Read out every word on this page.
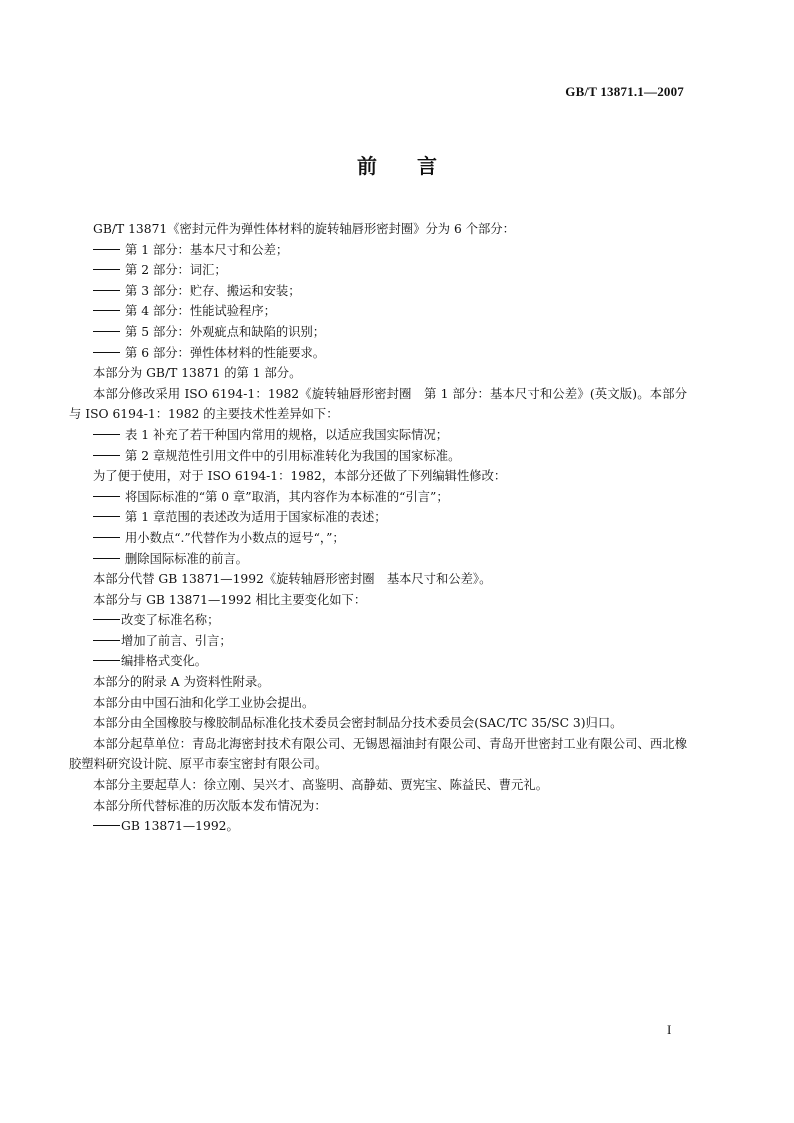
GB/T 13871.1—2007
前 言

GB/T 13871《密封元件为弹性体材料的旋转轴唇形密封圈》分为 6 个部分：

第 1 部分：基本尺寸和公差；

第 2 部分：词汇；

第 3 部分：贮存、搬运和安装；

第 4 部分：性能试验程序；

第 5 部分：外观疵点和缺陷的识别；

第 6 部分：弹性体材料的性能要求。

本部分为 GB/T 13871 的第 1 部分。

本部分修改采用 ISO 6194-1：1982《旋转轴唇形密封圈　第 1 部分：基本尺寸和公差》(英文版)。本部分与 ISO 6194-1：1982 的主要技术性差异如下：

表 1 补充了若干种国内常用的规格，以适应我国实际情况；

第 2 章规范性引用文件中的引用标准转化为我国的国家标准。

为了便于使用，对于 ISO 6194-1：1982，本部分还做了下列编辑性修改：

将国际标准的“第 0 章”取消，其内容作为本标准的“引言”；

第 1 章范围的表述改为适用于国家标准的表述；

用小数点“.”代替作为小数点的逗号“，”；

删除国际标准的前言。

本部分代替 GB 13871—1992《旋转轴唇形密封圈　基本尺寸和公差》。

本部分与 GB 13871—1992 相比主要变化如下：

改变了标准名称；

增加了前言、引言；

编排格式变化。

本部分的附录 A 为资料性附录。

本部分由中国石油和化学工业协会提出。

本部分由全国橡胶与橡胶制品标准化技术委员会密封制品分技术委员会(SAC/TC 35/SC 3)归口。

本部分起草单位：青岛北海密封技术有限公司、无锡恩福油封有限公司、青岛开世密封工业有限公司、西北橡胶塑料研究设计院、原平市泰宝密封有限公司。

本部分主要起草人：徐立刚、吴兴才、高鉴明、高静茹、贾宪宝、陈益民、曹元礼。

本部分所代替标准的历次版本发布情况为：

GB 13871—1992。

I
